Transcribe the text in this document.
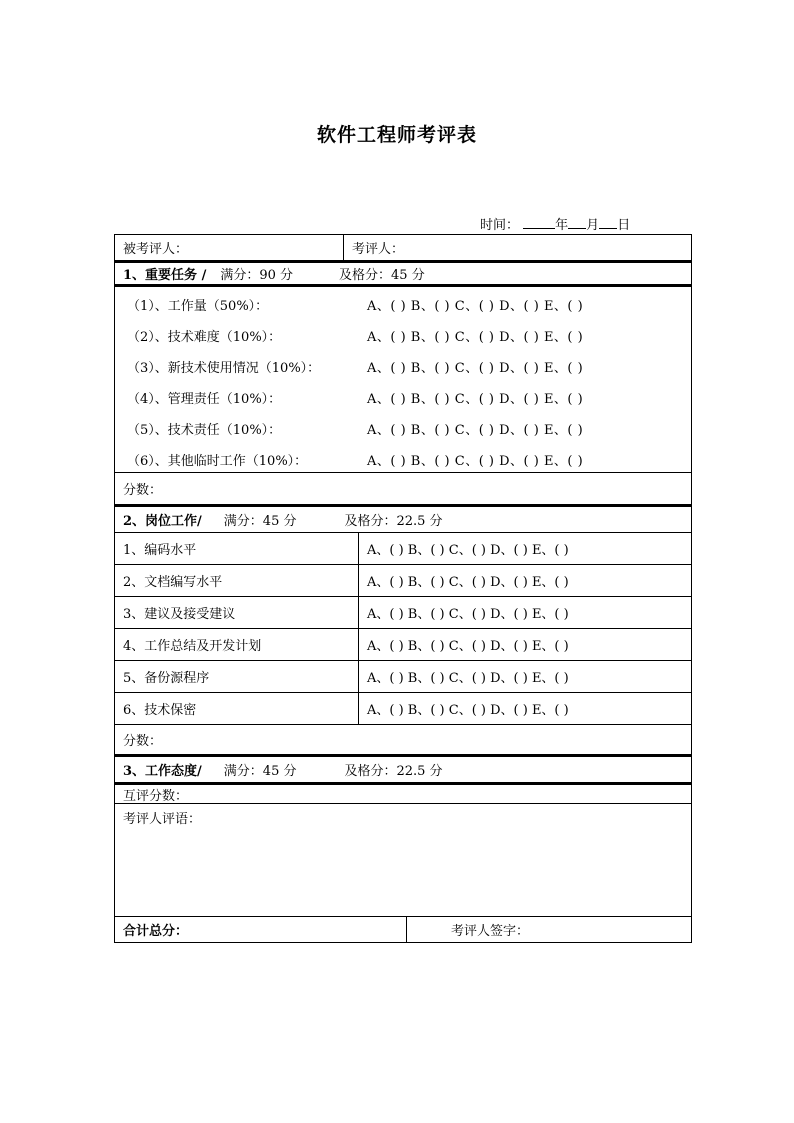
软件工程师考评表
时间：	年 月 日
被考评人：	考评人：
1、重要任务 / 满分：90 分	及格分：45 分
（1）、工作量（50%）：	A、( ) B、( ) C、( ) D、( ) E、( )
（2）、技术难度（10%）：	A、( ) B、( ) C、( ) D、( ) E、( )
（3）、新技术使用情况（10%）：	A、( ) B、( ) C、( ) D、( ) E、( )
（4）、管理责任（10%）：	A、( ) B、( ) C、( ) D、( ) E、( )
（5）、技术责任（10%）：	A、( ) B、( ) C、( ) D、( ) E、( )
（6）、其他临时工作（10%）：	A、( ) B、( ) C、( ) D、( ) E、( )
分数：
2、岗位工作/ 满分：45 分	及格分：22.5 分
1、编码水平	A、( ) B、( ) C、( ) D、( ) E、( )
2、文档编写水平	A、( ) B、( ) C、( ) D、( ) E、( )
3、建议及接受建议	A、( ) B、( ) C、( ) D、( ) E、( )
4、工作总结及开发计划	A、( ) B、( ) C、( ) D、( ) E、( )
5、备份源程序	A、( ) B、( ) C、( ) D、( ) E、( )
6、技术保密	A、( ) B、( ) C、( ) D、( ) E、( )
分数：
3、工作态度/ 满分：45 分	及格分：22.5 分
互评分数：
考评人评语：
合计总分：	考评人签字：
